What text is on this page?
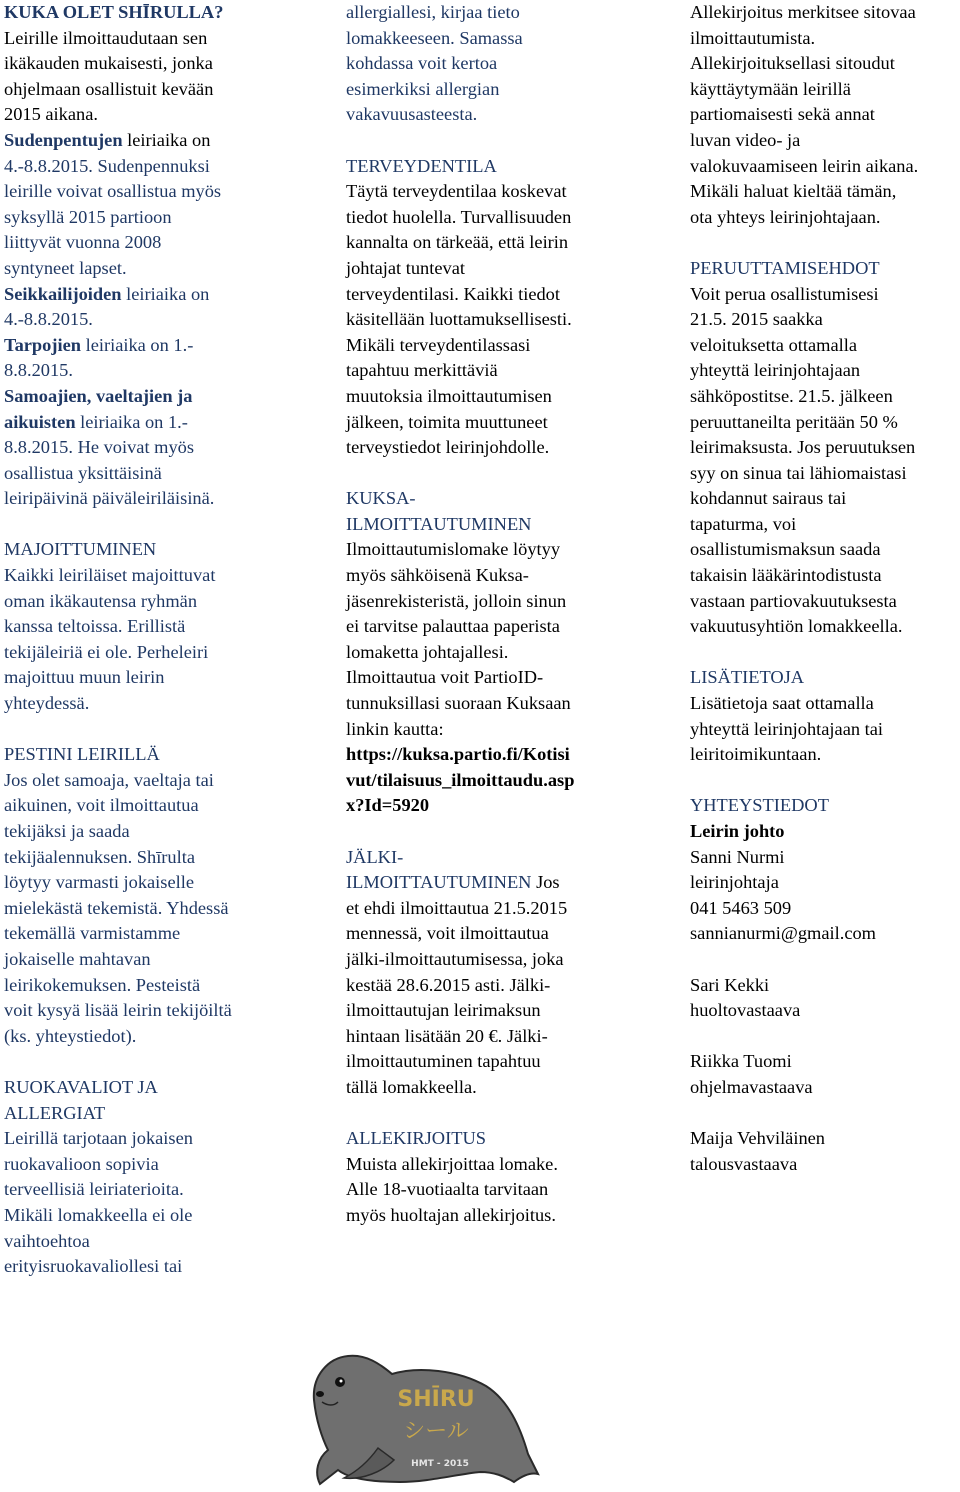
KUKA OLET SHĪRULLA?

Leirille ilmoittaudutaan sen

ikäkauden mukaisesti, jonka

ohjelmaan osallistuit kevään

2015 aikana.

Sudenpentujen leiriaika on

4.-8.8.2015. Sudenpennuksi

leirille voivat osallistua myös

syksyllä 2015 partioon

liittyvät vuonna 2008

syntyneet lapset.

Seikkailijoiden leiriaika on

4.-8.8.2015.

Tarpojien leiriaika on 1.-

8.8.2015.

Samoajien, vaeltajien ja

aikuisten leiriaika on 1.-

8.8.2015. He voivat myös

osallistua yksittäisinä

leiripäivinä päiväleiriläisinä.

MAJOITTUMINEN

Kaikki leiriläiset majoittuvat

oman ikäkautensa ryhmän

kanssa teltoissa. Erillistä

tekijäleiriä ei ole. Perheleiri

majoittuu muun leirin

yhteydessä.

PESTINI LEIRILLÄ

Jos olet samoaja, vaeltaja tai

aikuinen, voit ilmoittautua

tekijäksi ja saada

tekijäalennuksen. Shīrulta

löytyy varmasti jokaiselle

mielekästä tekemistä. Yhdessä

tekemällä varmistamme

jokaiselle mahtavan

leirikokemuksen. Pesteistä

voit kysyä lisää leirin tekijöiltä

(ks. yhteystiedot).

RUOKAVALIOT JA

ALLERGIAT

Leirillä tarjotaan jokaisen

ruokavalioon sopivia

terveellisiä leiriaterioita.

Mikäli lomakkeella ei ole

vaihtoehtoa

erityisruokavaliollesi tai

allergiallesi, kirjaa tieto

lomakkeeseen. Samassa

kohdassa voit kertoa

esimerkiksi allergian

vakavuusasteesta.

TERVEYDENTILA

Täytä terveydentilaa koskevat

tiedot huolella. Turvallisuuden

kannalta on tärkeää, että leirin

johtajat tuntevat

terveydentilasi. Kaikki tiedot

käsitellään luottamuksellisesti.

Mikäli terveydentilassasi

tapahtuu merkittäviä

muutoksia ilmoittautumisen

jälkeen, toimita muuttuneet

terveystiedot leirinjohdolle.

KUKSA-

ILMOITTAUTUMINEN

Ilmoittautumislomake löytyy

myös sähköisenä Kuksa-

jäsenrekisteristä, jolloin sinun

ei tarvitse palauttaa paperista

lomaketta johtajallesi.

Ilmoittautua voit PartioID-

tunnuksillasi suoraan Kuksaan

linkin kautta:

https://kuksa.partio.fi/Kotisi

vut/tilaisuus_ilmoittaudu.asp

x?Id=5920

JÄLKI-

ILMOITTAUTUMINEN Jos

et ehdi ilmoittautua 21.5.2015

mennessä, voit ilmoittautua

jälki-ilmoittautumisessa, joka

kestää 28.6.2015 asti. Jälki-

ilmoittautujan leirimaksun

hintaan lisätään 20 €. Jälki-

ilmoittautuminen tapahtuu

tällä lomakkeella.

ALLEKIRJOITUS

Muista allekirjoittaa lomake.

Alle 18-vuotiaalta tarvitaan

myös huoltajan allekirjoitus.

Allekirjoitus merkitsee sitovaa

ilmoittautumista.

Allekirjoituksellasi sitoudut

käyttäytymään leirillä

partiomaisesti sekä annat

luvan video- ja

valokuvaamiseen leirin aikana.

Mikäli haluat kieltää tämän,

ota yhteys leirinjohtajaan.

PERUUTTAMISEHDOT

Voit perua osallistumisesi

21.5. 2015 saakka

veloituksetta ottamalla

yhteyttä leirinjohtajaan

sähköpostitse. 21.5. jälkeen

peruuttaneilta peritään 50 %

leirimaksusta. Jos peruutuksen

syy on sinua tai lähiomaistasi

kohdannut sairaus tai

tapaturma, voi

osallistumismaksun saada

takaisin lääkärintodistusta

vastaan partiovakuutuksesta

vakuutusyhtiön lomakkeella.

LISÄTIETOJA

Lisätietoja saat ottamalla

yhteyttä leirinjohtajaan tai

leiritoimikuntaan.

YHTEYSTIEDOT

Leirin johto

Sanni Nurmi

leirinjohtaja

041 5463 509

sannianurmi@gmail.com

Sari Kekki

huoltovastaava

Riikka Tuomi

ohjelmavastaava

Maija Vehviläinen

talousvastaava

SHĪRU
シール
HMT - 2015
